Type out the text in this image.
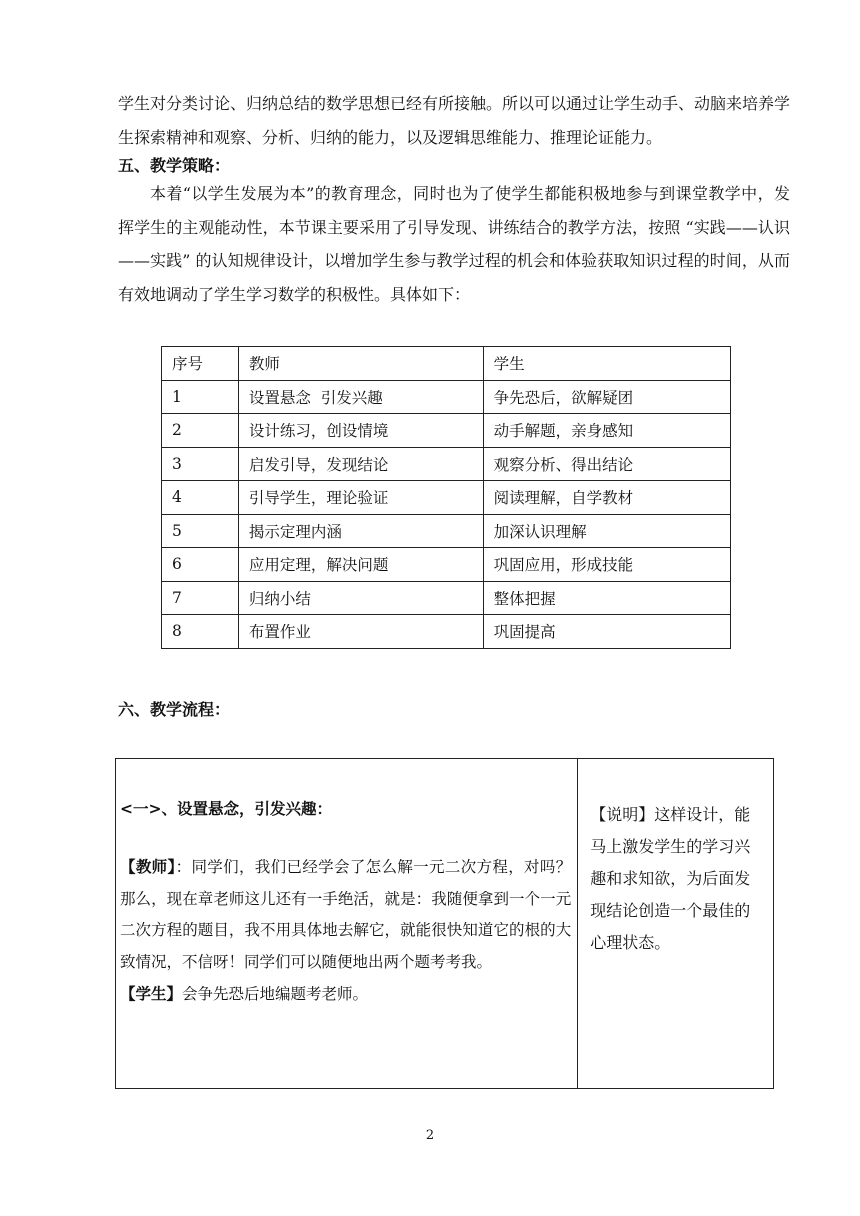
学生对分类讨论、归纳总结的数学思想已经有所接触。所以可以通过让学生动手、动脑来培养学生探索精神和观察、分析、归纳的能力，以及逻辑思维能力、推理论证能力。

五、教学策略：

本着“以学生发展为本”的教育理念，同时也为了使学生都能积极地参与到课堂教学中，发挥学生的主观能动性，本节课主要采用了引导发现、讲练结合的教学方法，按照 “实践——认识——实践” 的认知规律设计，以增加学生参与教学过程的机会和体验获取知识过程的时间，从而有效地调动了学生学习数学的积极性。具体如下：

序号	教师	学生
1	设置悬念  引发兴趣	争先恐后，欲解疑团
2	设计练习，创设情境	动手解题，亲身感知
3	启发引导，发现结论	观察分析、得出结论
4	引导学生，理论验证	阅读理解，自学教材
5	揭示定理内涵	加深认识理解
6	应用定理，解决问题	巩固应用，形成技能
7	归纳小结	整体把握
8	布置作业	巩固提高
六、教学流程：

<一>、设置悬念，引发兴趣：

【教师】：同学们，我们已经学会了怎么解一元二次方程，对吗？那么，现在章老师这儿还有一手绝活，就是：我随便拿到一个一元二次方程的题目，我不用具体地去解它，就能很快知道它的根的大致情况，不信呀！同学们可以随便地出两个题考考我。

【学生】会争先恐后地编题考老师。

	【说明】这样设计，能马上激发学生的学习兴趣和求知欲，为后面发现结论创造一个最佳的心理状态。
2
